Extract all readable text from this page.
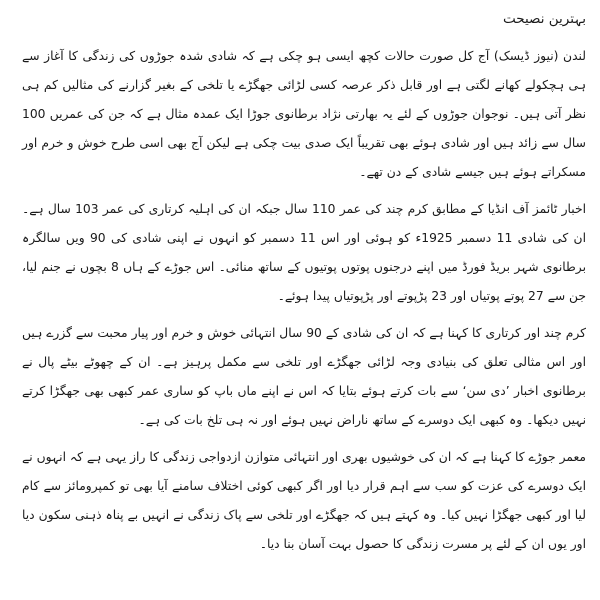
بہترین نصیحت

لندن (نیوز ڈیسک) آج کل صورت حالات کچھ ایسی ہو چکی ہے کہ شادی شدہ جوڑوں کی زندگی کا آغاز سے ہی ہچکولے کھانے لگتی ہے اور قابل ذکر عرصہ کسی لڑائی جھگڑے یا تلخی کے بغیر گزارنے کی مثالیں کم ہی نظر آتی ہیں۔ نوجوان جوڑوں کے لئے یہ بھارتی نژاد برطانوی جوڑا ایک عمدہ مثال ہے کہ جن کی عمریں 100 سال سے زائد ہیں اور شادی ہوئے بھی تقریباً ایک صدی بیت چکی ہے لیکن آج بھی اسی طرح خوش و خرم اور مسکراتے ہوئے ہیں جیسے شادی کے دن تھے۔

اخبار ٹائمز آف انڈیا کے مطابق کرم چند کی عمر 110 سال جبکہ ان کی اہلیہ کرتاری کی عمر 103 سال ہے۔ ان کی شادی 11 دسمبر 1925ء کو ہوئی اور اس 11 دسمبر کو انہوں نے اپنی شادی کی 90 ویں سالگرہ برطانوی شہر بریڈ فورڈ میں اپنے درجنوں پوتوں پوتیوں کے ساتھ منائی۔ اس جوڑے کے ہاں 8 بچوں نے جنم لیا، جن سے 27 پوتے پوتیاں اور 23 پڑپوتے اور پڑپوتیاں پیدا ہوئے۔

کرم چند اور کرتاری کا کہنا ہے کہ ان کی شادی کے 90 سال انتہائی خوش و خرم اور پیار محبت سے گزرے ہیں اور اس مثالی تعلق کی بنیادی وجہ لڑائی جھگڑے اور تلخی سے مکمل پرہیز ہے۔ ان کے چھوٹے بیٹے پال نے برطانوی اخبار ’دی سن‘ سے بات کرتے ہوئے بتایا کہ اس نے اپنے ماں باپ کو ساری عمر کبھی بھی جھگڑا کرتے نہیں دیکھا۔ وہ کبھی ایک دوسرے کے ساتھ ناراض نہیں ہوئے اور نہ ہی تلخ بات کی ہے۔

معمر جوڑے کا کہنا ہے کہ ان کی خوشیوں بھری اور انتہائی متوازن ازدواجی زندگی کا راز یہی ہے کہ انہوں نے ایک دوسرے کی عزت کو سب سے اہم قرار دیا اور اگر کبھی کوئی اختلاف سامنے آیا بھی تو کمپرومائز سے کام لیا اور کبھی جھگڑا نہیں کیا۔ وہ کہتے ہیں کہ جھگڑے اور تلخی سے پاک زندگی نے انہیں بے پناہ ذہنی سکون دیا اور یوں ان کے لئے پر مسرت زندگی کا حصول بہت آسان بنا دیا۔
